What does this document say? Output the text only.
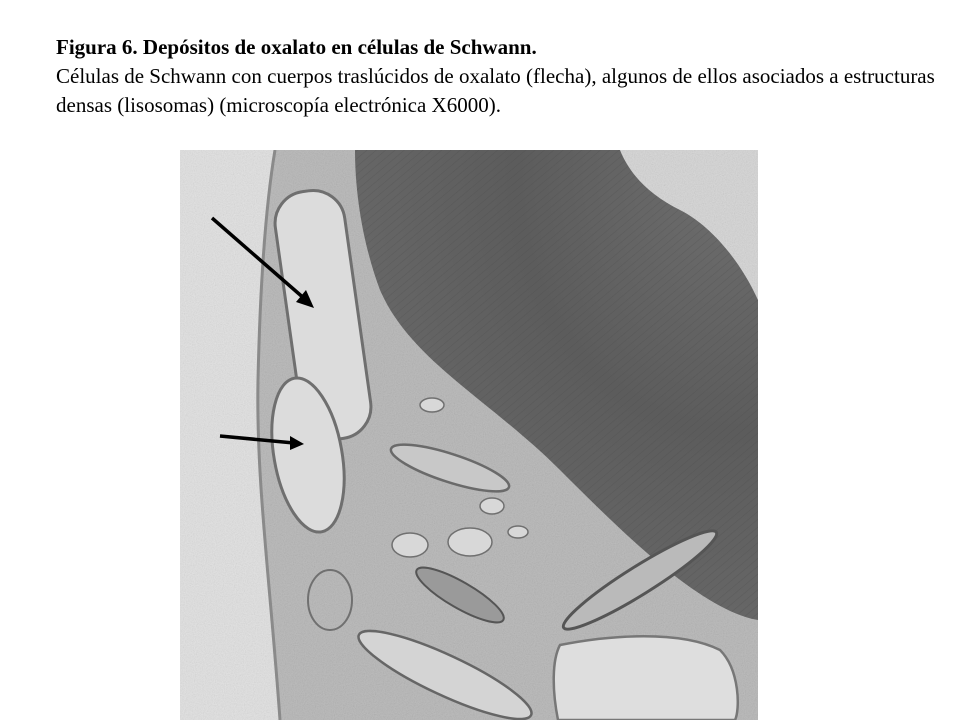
Figura 6. Depósitos de oxalato en células de Schwann.
Células de Schwann con cuerpos traslúcidos de oxalato (flecha), algunos de ellos asociados a estructuras densas (lisosomas) (microscopía electrónica X6000).
